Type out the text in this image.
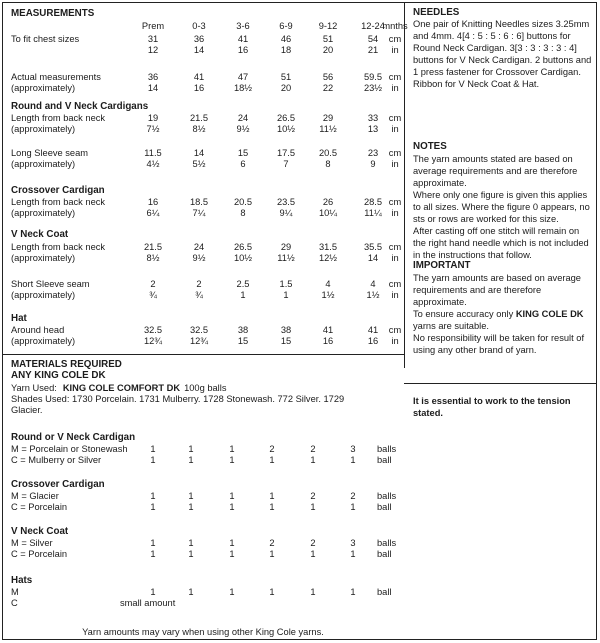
MEASUREMENTS
Prem	0-3	3-6	6-9	9-12	12-24
mnths
To fit chest sizes	31	36	41	46	51	54	cm
12	14	16	18	20	21	in
Actual measurements
(approximately)
36	41	47	51	56	59.5 cm
14	16	18½	20	22	23½	in
Round and V Neck Cardigans
Length from back neck
(approximately)
19	21.5	24	26.5	29	33	cm
7½	8½	9½	10½	11½	13	in
Long Sleeve seam
(approximately)
11.5	14	15	17.5	20.5	23	cm
4½	5½	6	7	8	9	in
Crossover Cardigan
Length from back neck
(approximately)
16	18.5	20.5	23.5	26	28.5 cm
6¼	7¼	8	9¼	10¼	11¼	in
V Neck Coat
Length from back neck
(approximately)
21.5	24	26.5	29	31.5	35.5 cm
8½	9½	10½	11½	12½	14	in
Short Sleeve seam
(approximately)
2	2	2.5	1.5	4	4	cm
¾	¾	1	1	1½	1½	in
Hat
Around head
(approximately)
32.5	32.5	38	38	41	41	cm
12¾	12¾	15	15	16	16	in
MATERIALS REQUIRED
ANY KING COLE DK
Yarn Used: KING COLE COMFORT DK 100g balls
Shades Used: 1730 Porcelain. 1731 Mulberry. 1728 Stonewash. 772 Silver. 1729
Glacier.
Round or V Neck Cardigan
M = Porcelain or Stonewash	1	1	1	2	2	3	balls
C = Mulberry or Silver	1	1	1	1	1	1	ball
Crossover Cardigan
M = Glacier	1	1	1	1	2	2	balls
C = Porcelain	1	1	1	1	1	1	ball
V Neck Coat
M = Silver	1	1	1	2	2	3	balls
C = Porcelain	1	1	1	1	1	1	ball
Hats
M	1	1	1	1	1	1	ball
C	small amount
Yarn amounts may vary when using other King Cole yarns.
NEEDLES
One pair of Knitting Needles sizes 3.25mm and 4mm. 4[4 : 5 : 5 : 6 : 6] buttons for Round Neck Cardigan. 3[3 : 3 : 3 : 3 : 4] buttons for V Neck Cardigan. 2 buttons and 1 press fastener for Crossover Cardigan. Ribbon for V Neck Coat & Hat.
NOTES
The yarn amounts stated are based on average requirements and are therefore approximate.
Where only one figure is given this applies to all sizes. Where the figure 0 appears, no sts or rows are worked for this size.
After casting off one stitch will remain on the right hand needle which is not included in the instructions that follow.
IMPORTANT
The yarn amounts are based on average requirements and are therefore approximate.
To ensure accuracy only KING COLE DK yarns are suitable.
No responsibility will be taken for result of using any other brand of yarn.
It is essential to work to the tension stated.
